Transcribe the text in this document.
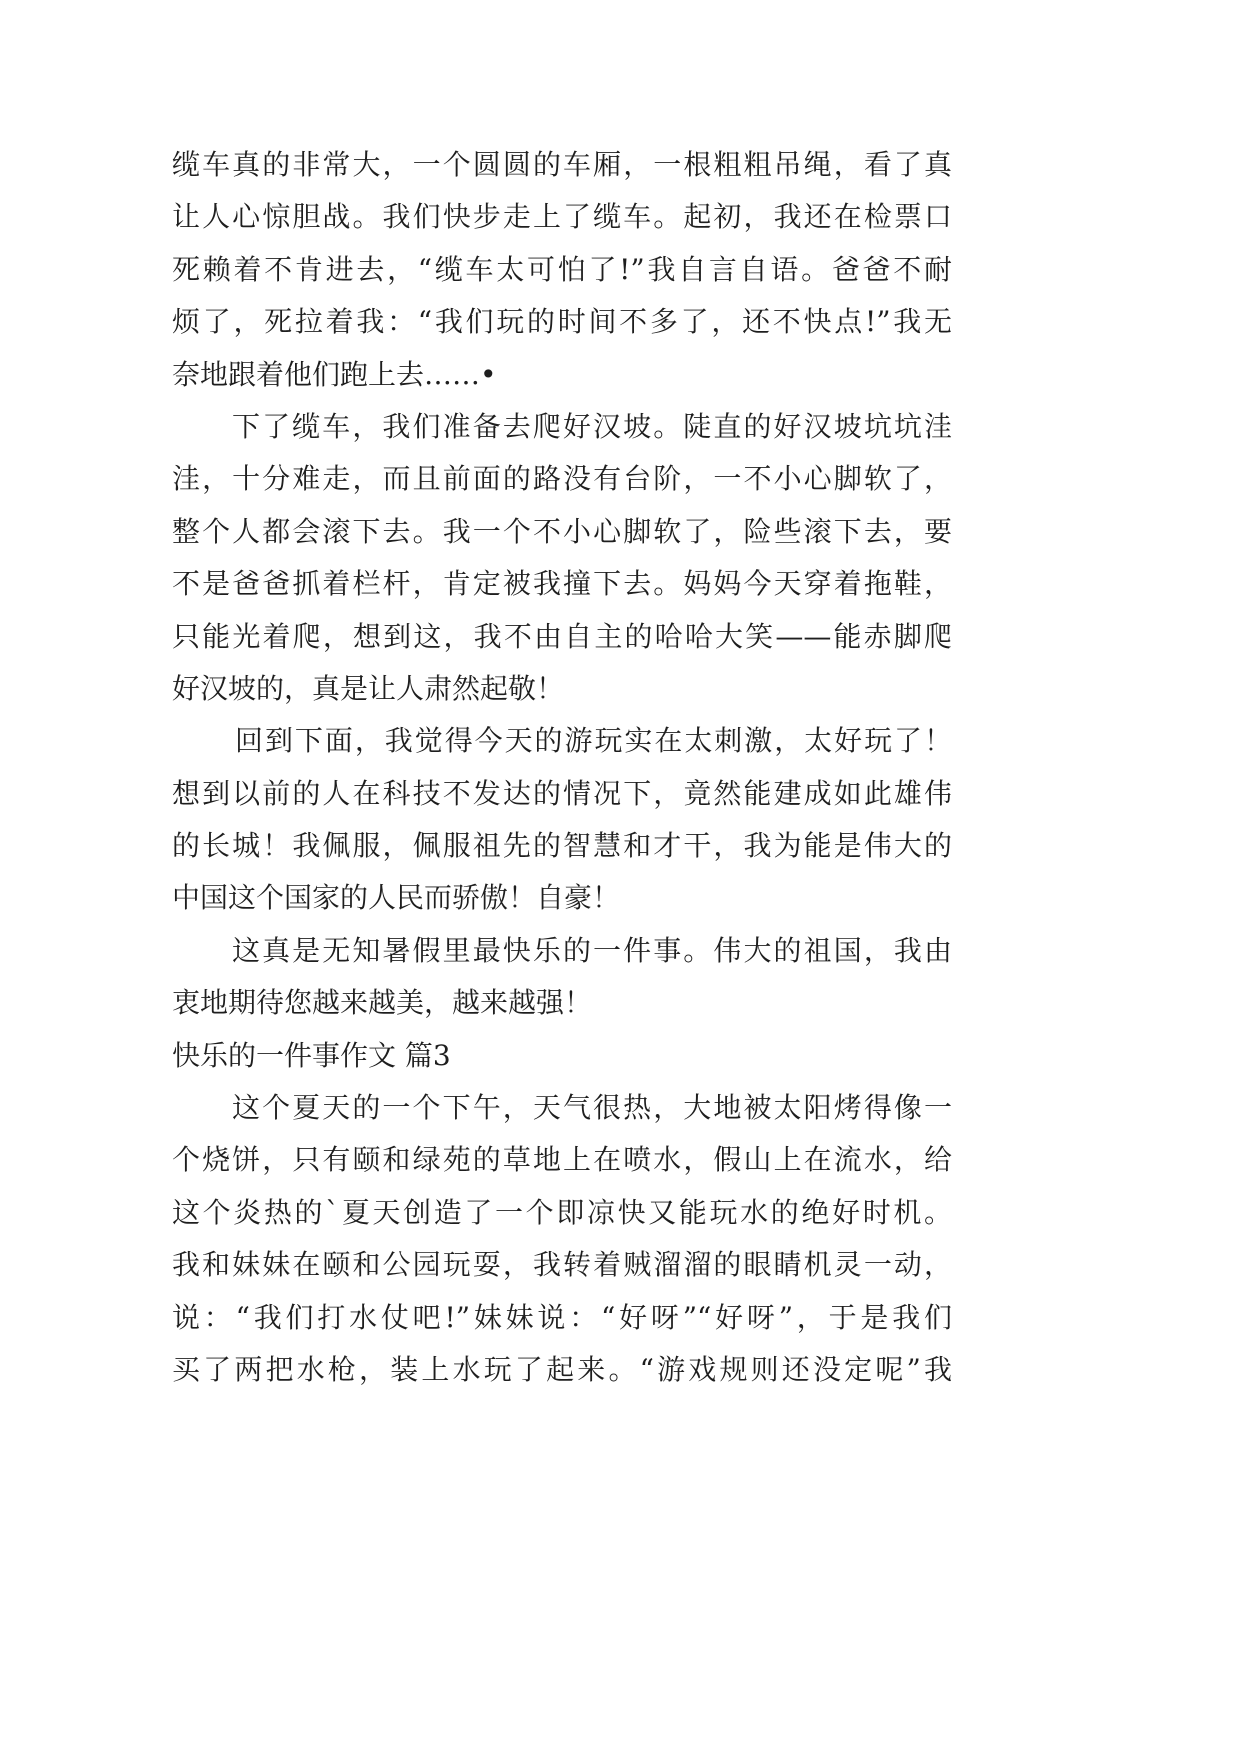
缆车真的非常大，一个圆圆的车厢，一根粗粗吊绳，看了真
让人心惊胆战。我们快步走上了缆车。起初，我还在检票口
死赖着不肯进去，“缆车太可怕了!”我自言自语。爸爸不耐
烦了，死拉着我：“我们玩的时间不多了，还不快点!”我无
奈地跟着他们跑上去……•
下了缆车，我们准备去爬好汉坡。陡直的好汉坡坑坑洼
洼，十分难走，而且前面的路没有台阶，一不小心脚软了，
整个人都会滚下去。我一个不小心脚软了，险些滚下去，要
不是爸爸抓着栏杆，肯定被我撞下去。妈妈今天穿着拖鞋，
只能光着爬，想到这，我不由自主的哈哈大笑——能赤脚爬
好汉坡的，真是让人肃然起敬！
回到下面，我觉得今天的游玩实在太刺激，太好玩了！
想到以前的人在科技不发达的情况下，竟然能建成如此雄伟
的长城！我佩服，佩服祖先的智慧和才干，我为能是伟大的
中国这个国家的人民而骄傲！自豪！
这真是无知暑假里最快乐的一件事。伟大的祖国，我由
衷地期待您越来越美，越来越强！
快乐的一件事作文 篇3
这个夏天的一个下午，天气很热，大地被太阳烤得像一
个烧饼，只有颐和绿苑的草地上在喷水，假山上在流水，给
这个炎热的`夏天创造了一个即凉快又能玩水的绝好时机。
我和妹妹在颐和公园玩耍，我转着贼溜溜的眼睛机灵一动，
说：“我们打水仗吧!”妹妹说：“好呀”“好呀”，于是我们
买了两把水枪，装上水玩了起来。“游戏规则还没定呢”我
